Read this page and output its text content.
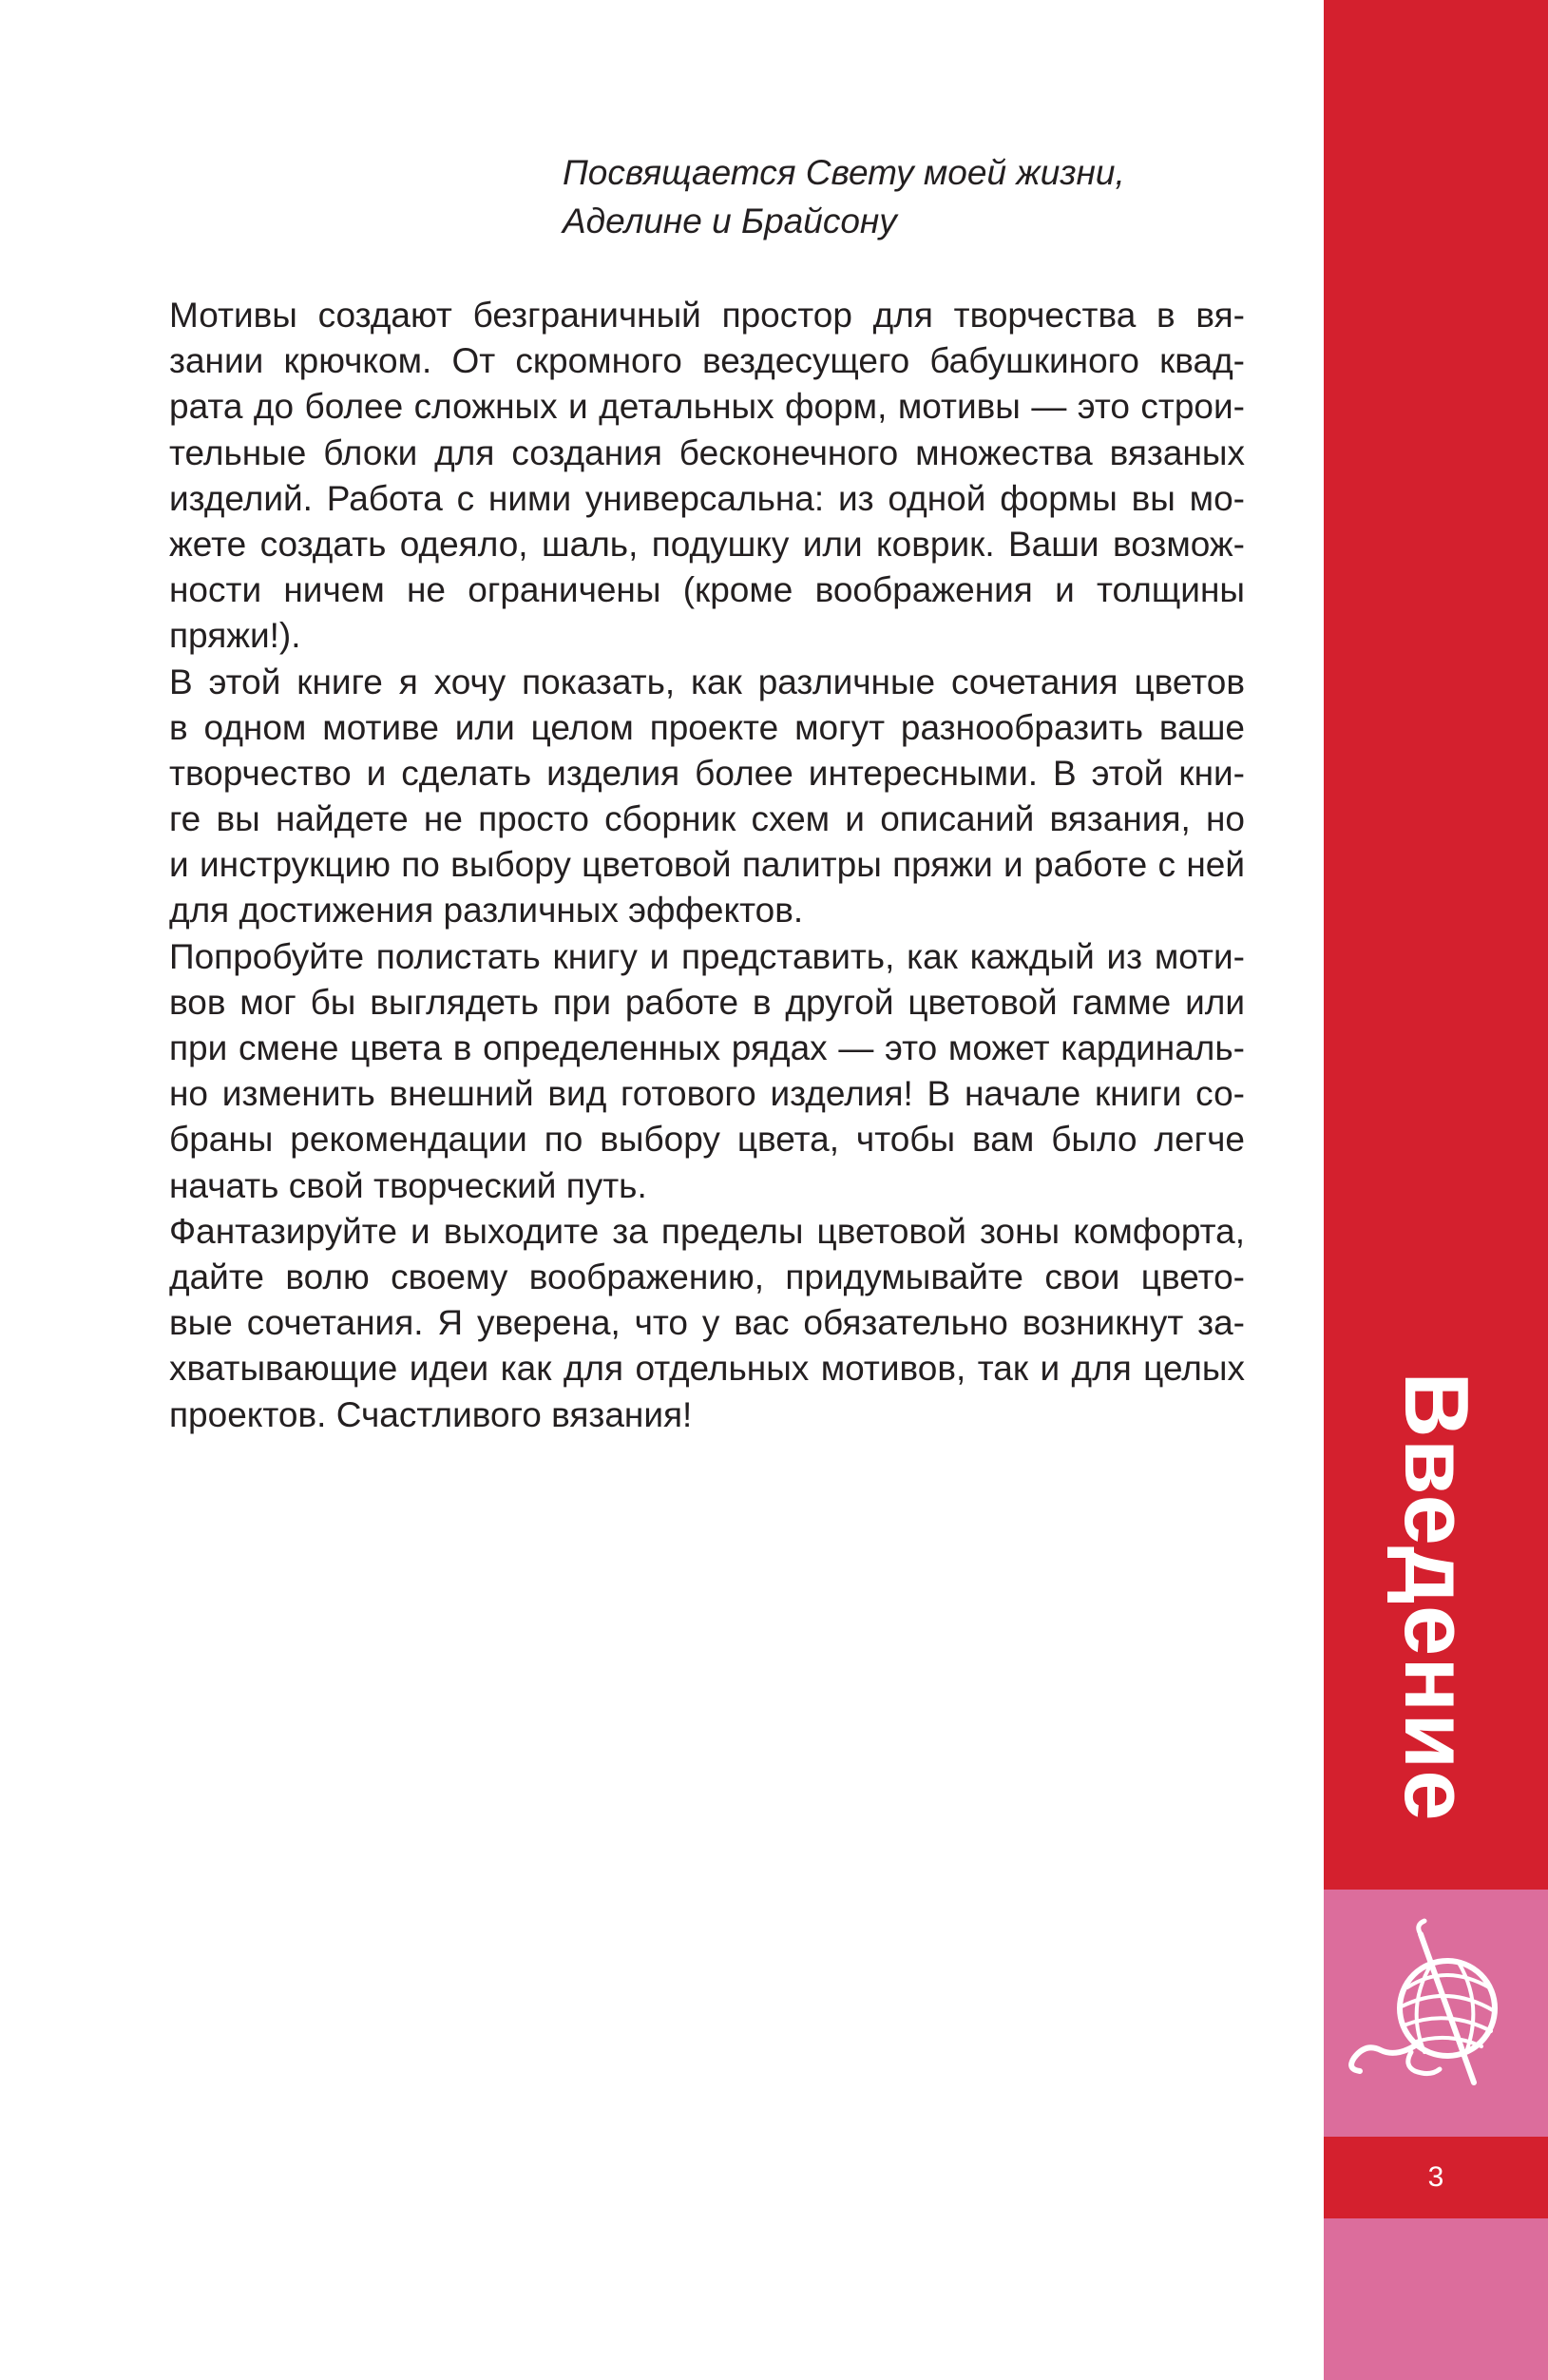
Посвящается Свету моей жизни,
Аделине и Брайсону
Мотивы создают безграничный простор для творчества в вя-
зании крючком. От скромного вездесущего бабушкиного квад-
рата до более сложных и детальных форм, мотивы — это строи-
тельные блоки для создания бесконечного множества вязаных
изделий. Работа с ними универсальна: из одной формы вы мо-
жете создать одеяло, шаль, подушку или коврик. Ваши возмож-
ности ничем не ограничены (кроме воображения и толщины
пряжи!).
В этой книге я хочу показать, как различные сочетания цветов
в одном мотиве или целом проекте могут разнообразить ваше
творчество и сделать изделия более интересными. В этой кни-
ге вы найдете не просто сборник схем и описаний вязания, но
и инструкцию по выбору цветовой палитры пряжи и работе с ней
для достижения различных эффектов.
Попробуйте полистать книгу и представить, как каждый из моти-
вов мог бы выглядеть при работе в другой цветовой гамме или
при смене цвета в определенных рядах — это может кардиналь-
но изменить внешний вид готового изделия! В начале книги со-
браны рекомендации по выбору цвета, чтобы вам было легче
начать свой творческий путь.
Фантазируйте и выходите за пределы цветовой зоны комфорта,
дайте волю своему воображению, придумывайте свои цвето-
вые сочетания. Я уверена, что у вас обязательно возникнут за-
хватывающие идеи как для отдельных мотивов, так и для целых
проектов. Счастливого вязания!	Введение
3
